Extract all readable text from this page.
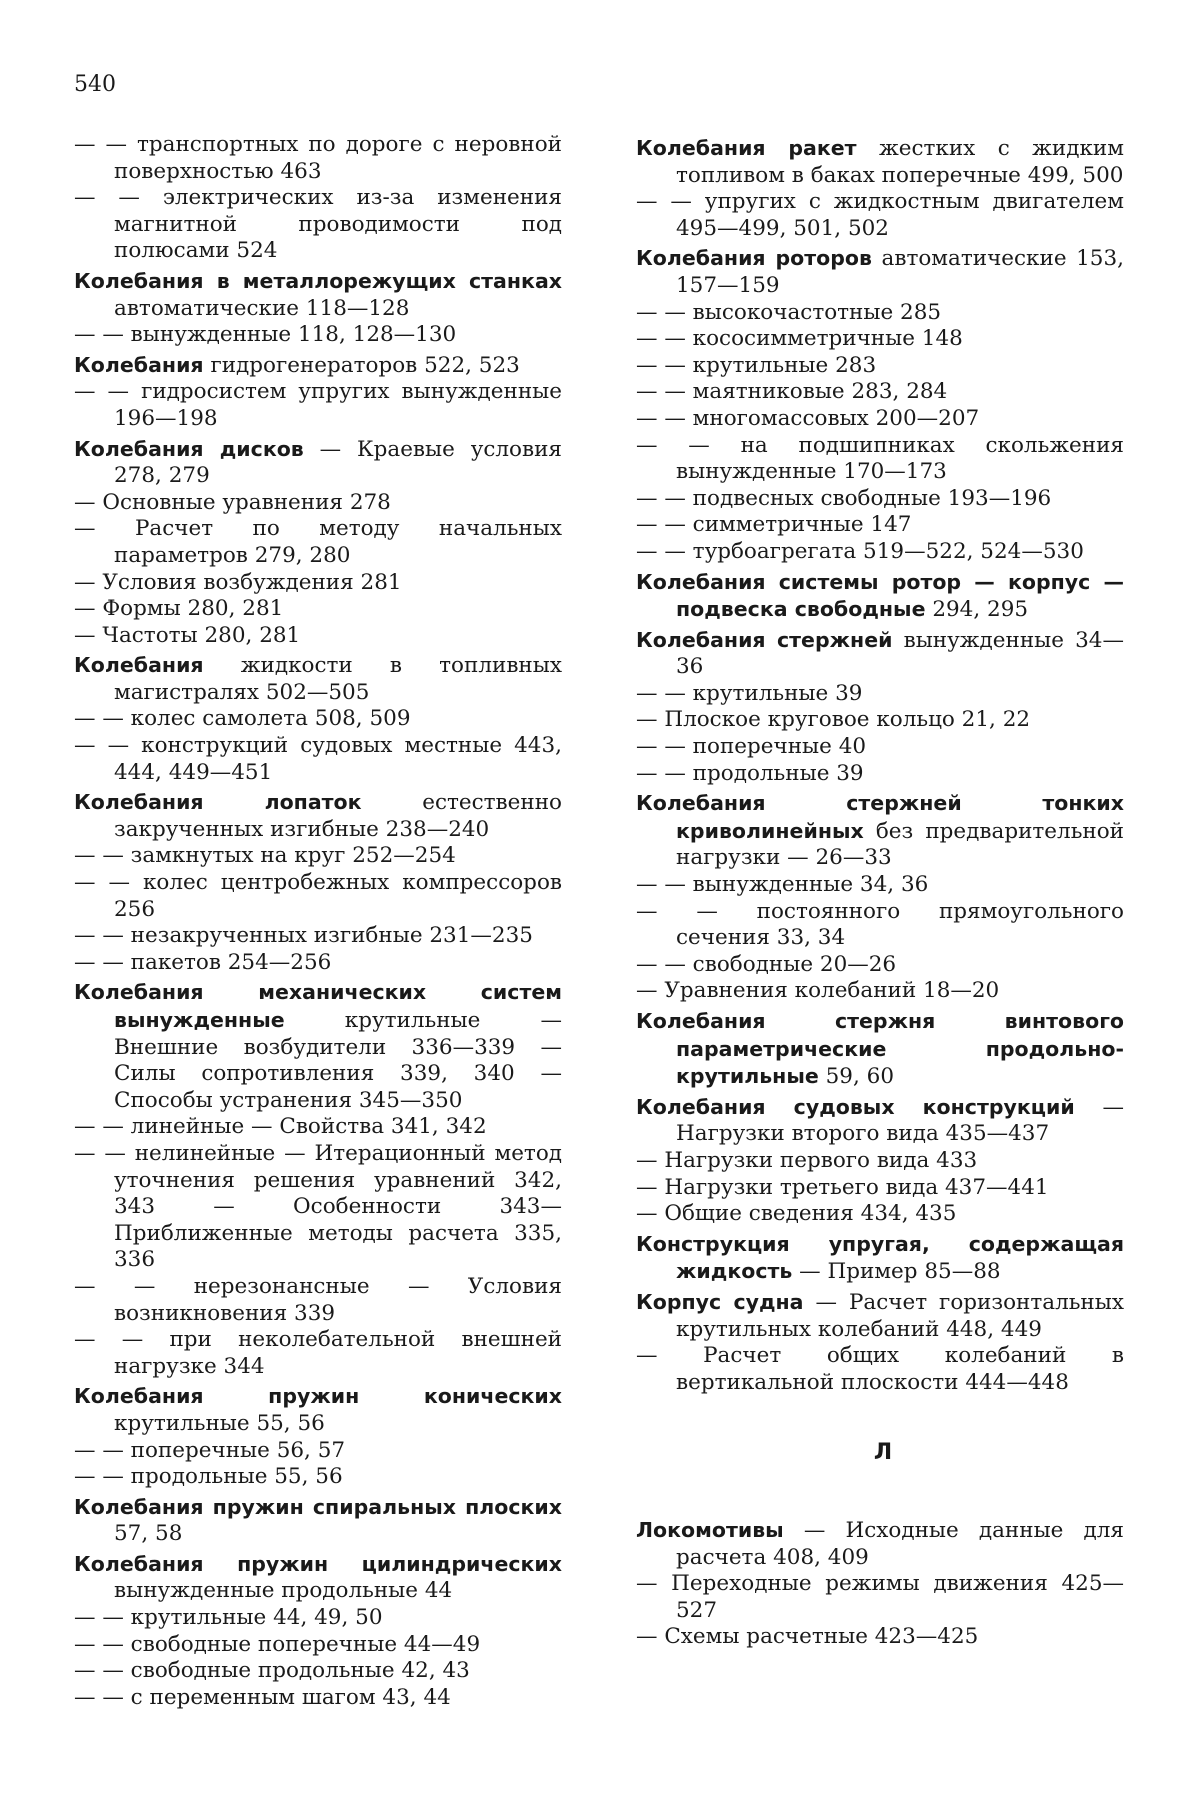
540

— — транспортных по дороге с неровной поверхностью 463

— — электрических из-за изменения магнитной проводимости под полюсами 524

Колебания в металлорежущих станках автоматические 118—128

— — вынужденные 118, 128—130

Колебания гидрогенераторов 522, 523

— — гидросистем упругих вынужденные 196—198

Колебания дисков — Краевые условия 278, 279

— Основные уравнения 278

— Расчет по методу начальных параметров 279, 280

— Условия возбуждения 281

— Формы 280, 281

— Частоты 280, 281

Колебания жидкости в топливных магистралях 502—505

— — колес самолета 508, 509

— — конструкций судовых местные 443, 444, 449—451

Колебания лопаток естественно закрученных изгибные 238—240

— — замкнутых на круг 252—254

— — колес центробежных компрессоров 256

— — незакрученных изгибные 231—235

— — пакетов 254—256

Колебания механических систем вынужденные крутильные — Внешние возбудители 336—339 — Силы сопротивления 339, 340 — Способы устранения 345—350

— — линейные — Свойства 341, 342

— — нелинейные — Итерационный метод уточнения решения уравнений 342, 343 — Особенности 343— Приближенные методы расчета 335, 336

— — нерезонансные — Условия возникновения 339

— — при неколебательной внешней нагрузке 344

Колебания пружин конических крутильные 55, 56

— — поперечные 56, 57

— — продольные 55, 56

Колебания пружин спиральных плоских 57, 58

Колебания пружин цилиндрических вынужденные продольные 44

— — крутильные 44, 49, 50

— — свободные поперечные 44—49

— — свободные продольные 42, 43

— — с переменным шагом 43, 44

Колебания ракет жестких с жидким топливом в баках поперечные 499, 500

— — упругих с жидкостным двигателем 495—499, 501, 502

Колебания роторов автоматические 153, 157—159

— — высокочастотные 285

— — кососимметричные 148

— — крутильные 283

— — маятниковые 283, 284

— — многомассовых 200—207

— — на подшипниках скольжения вынужденные 170—173

— — подвесных свободные 193—196

— — симметричные 147

— — турбоагрегата 519—522, 524—530

Колебания системы ротор — корпус — подвеска свободные 294, 295

Колебания стержней вынужденные 34—36

— — крутильные 39

— Плоское круговое кольцо 21, 22

— — поперечные 40

— — продольные 39

Колебания стержней тонких криволинейных без предварительной нагрузки — 26—33

— — вынужденные 34, 36

— — постоянного прямоугольного сечения 33, 34

— — свободные 20—26

— Уравнения колебаний 18—20

Колебания стержня винтового параметрические продольно-крутильные 59, 60

Колебания судовых конструкций — Нагрузки второго вида 435—437

— Нагрузки первого вида 433

— Нагрузки третьего вида 437—441

— Общие сведения 434, 435

Конструкция упругая, содержащая жидкость — Пример 85—88

Корпус судна — Расчет горизонтальных крутильных колебаний 448, 449

— Расчет общих колебаний в вертикальной плоскости 444—448

Л

Локомотивы — Исходные данные для расчета 408, 409

— Переходные режимы движения 425—527

— Схемы расчетные 423—425
